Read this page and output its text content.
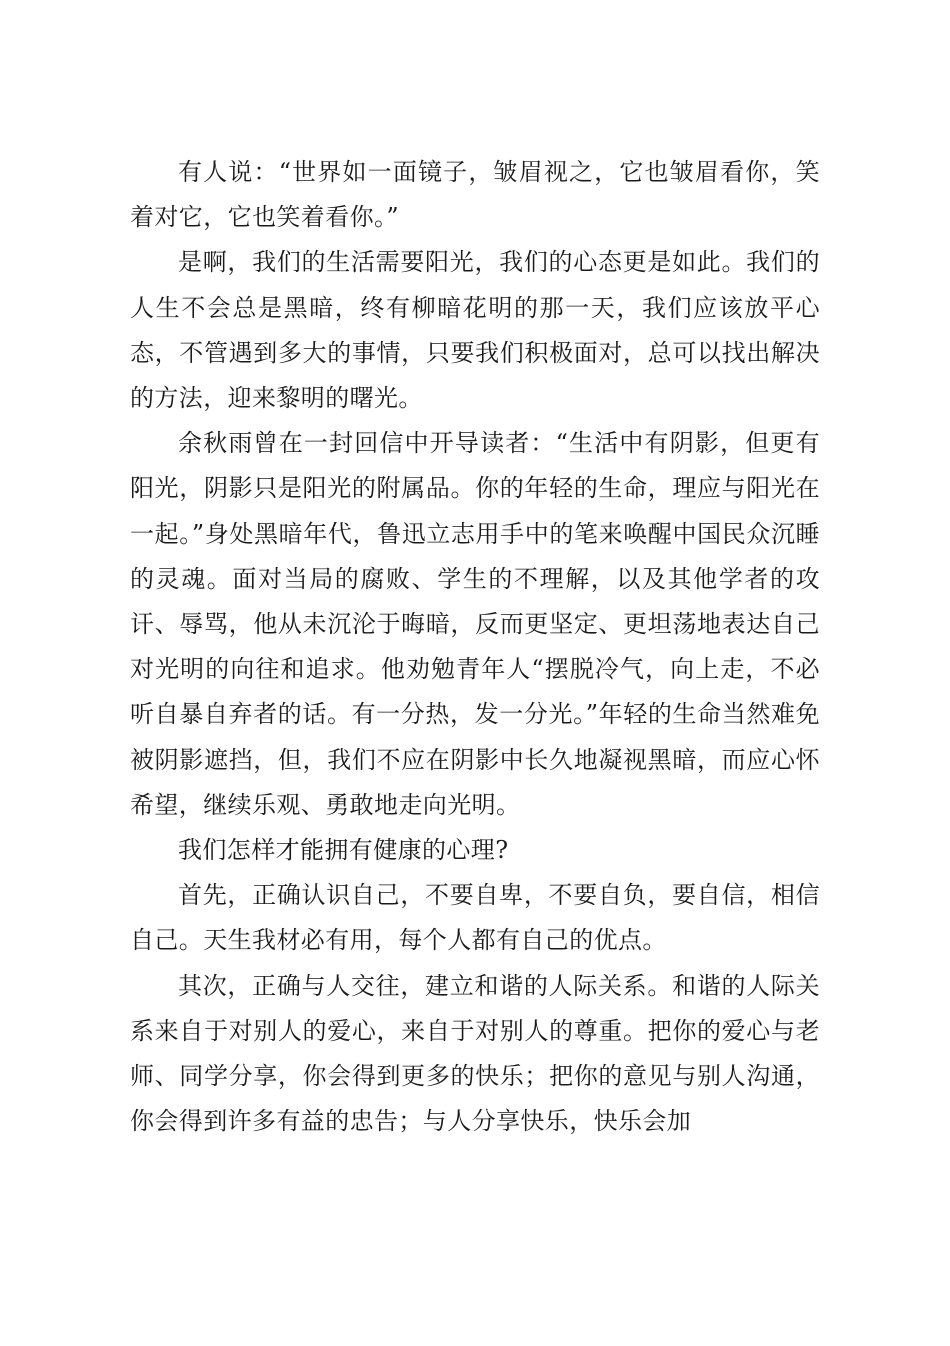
有人说：“世界如一面镜子，皱眉视之，它也皱眉看你，笑着对它，它也笑着看你。”

是啊，我们的生活需要阳光，我们的心态更是如此。我们的人生不会总是黑暗，终有柳暗花明的那一天，我们应该放平心态，不管遇到多大的事情，只要我们积极面对，总可以找出解决的方法，迎来黎明的曙光。

余秋雨曾在一封回信中开导读者：“生活中有阴影，但更有阳光，阴影只是阳光的附属品。你的年轻的生命，理应与阳光在一起。”身处黑暗年代，鲁迅立志用手中的笔来唤醒中国民众沉睡的灵魂。面对当局的腐败、学生的不理解，以及其他学者的攻讦、辱骂，他从未沉沦于晦暗，反而更坚定、更坦荡地表达自己对光明的向往和追求。他劝勉青年人“摆脱冷气，向上走，不必听自暴自弃者的话。有一分热，发一分光。”年轻的生命当然难免被阴影遮挡，但，我们不应在阴影中长久地凝视黑暗，而应心怀希望，继续乐观、勇敢地走向光明。

我们怎样才能拥有健康的心理?

首先，正确认识自己，不要自卑，不要自负，要自信，相信自己。天生我材必有用，每个人都有自己的优点。

其次，正确与人交往，建立和谐的人际关系。和谐的人际关系来自于对别人的爱心，来自于对别人的尊重。把你的爱心与老师、同学分享，你会得到更多的快乐；把你的意见与别人沟通，你会得到许多有益的忠告；与人分享快乐，快乐会加
